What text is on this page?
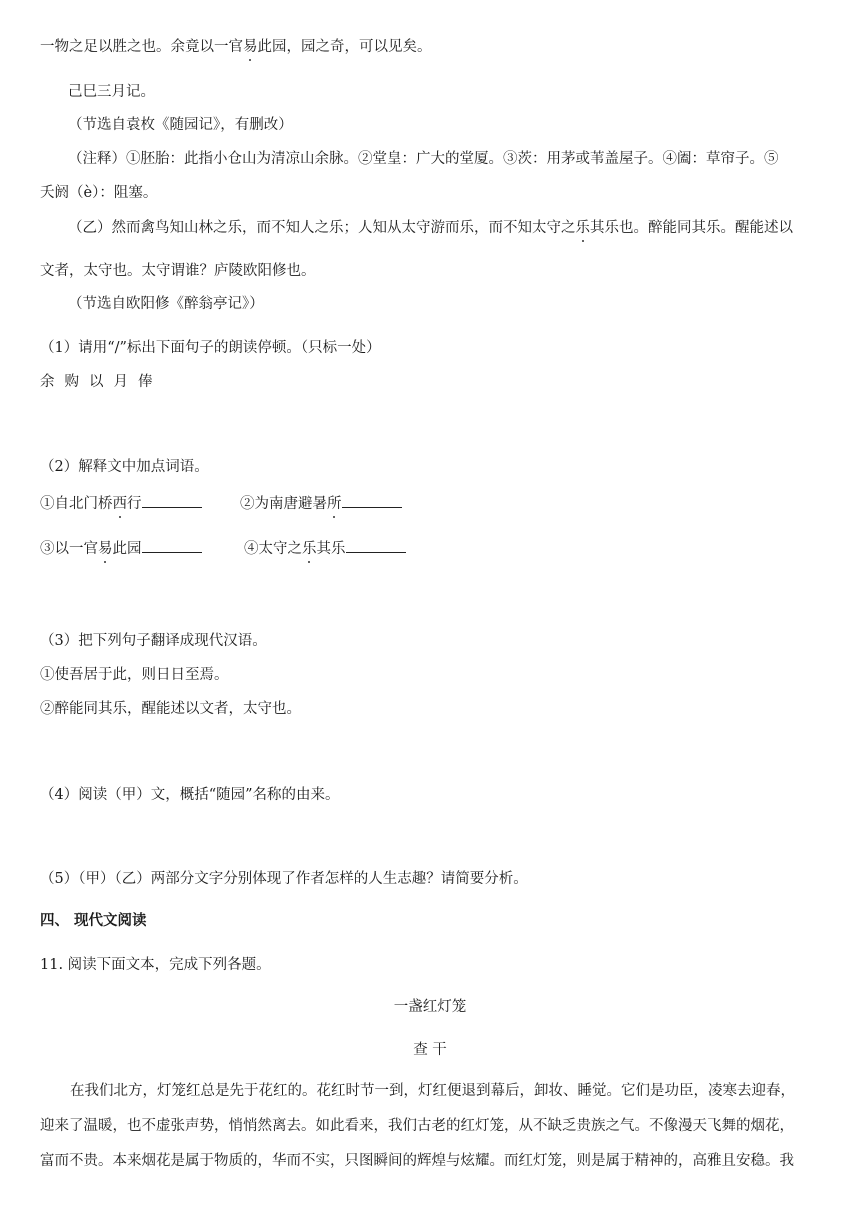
一物之足以胜之也。余竟以一官易此园，园之奇，可以见矣。
己巳三月记。
（节选自袁枚《随园记》，有删改）
（注释）①胚胎：此指小仓山为清凉山余脉。②堂皇：广大的堂厦。③茨：用茅或苇盖屋子。④阖：草帘子。⑤
夭阏（è）：阻塞。
（乙）然而禽鸟知山林之乐，而不知人之乐；人知从太守游而乐，而不知太守之乐其乐也。醉能同其乐。醒能述以
文者，太守也。太守谓谁？庐陵欧阳修也。
（节选自欧阳修《醉翁亭记》）
（1）请用“/”标出下面句子的朗读停顿。（只标一处）
余 购 以 月 俸
（2）解释文中加点词语。
①自北门桥西行	②为南唐避暑所
③以一官易此园	④太守之乐其乐
（3）把下列句子翻译成现代汉语。
①使吾居于此，则日日至焉。
②醉能同其乐，醒能述以文者，太守也。
（4）阅读（甲）文，概括“随园”名称的由来。
（5）（甲）（乙）两部分文字分别体现了作者怎样的人生志趣？请简要分析。
四、 现代文阅读
11. 阅读下面文本，完成下列各题。
一盏红灯笼
查 干
在我们北方，灯笼红总是先于花红的。花红时节一到，灯红便退到幕后，卸妆、睡觉。它们是功臣，凌寒去迎春，
迎来了温暖，也不虚张声势，悄悄然离去。如此看来，我们古老的红灯笼，从不缺乏贵族之气。不像漫天飞舞的烟花，
富而不贵。本来烟花是属于物质的，华而不实，只图瞬间的辉煌与炫耀。而红灯笼，则是属于精神的，高雅且安稳。我
